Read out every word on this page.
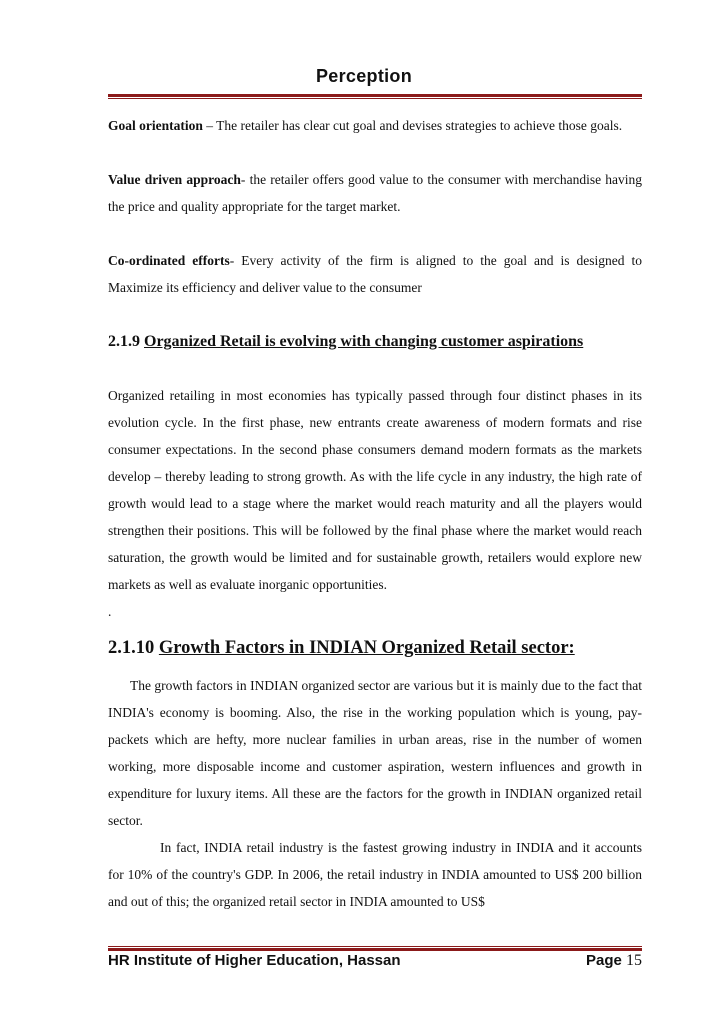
Perception

Goal orientation – The retailer has clear cut goal and devises strategies to achieve those goals.

Value driven approach- the retailer offers good value to the consumer with merchandise having the price and quality appropriate for the target market.

Co-ordinated efforts- Every activity of the firm is aligned to the goal and is designed to Maximize its efficiency and deliver value to the consumer

2.1.9 Organized Retail is evolving with changing customer aspirations

Organized retailing in most economies has typically passed through four distinct phases in its evolution cycle. In the first phase, new entrants create awareness of modern formats and rise consumer expectations. In the second phase consumers demand modern formats as the markets develop – thereby leading to strong growth. As with the life cycle in any industry, the high rate of growth would lead to a stage where the market would reach maturity and all the players would strengthen their positions. This will be followed by the final phase where the market would reach saturation, the growth would be limited and for sustainable growth, retailers would explore new markets as well as evaluate inorganic opportunities.

.

2.1.10 Growth Factors in INDIAN Organized Retail sector:

The growth factors in INDIAN organized sector are various but it is mainly due to the fact that INDIA's economy is booming. Also, the rise in the working population which is young, pay- packets which are hefty, more nuclear families in urban areas, rise in the number of women working, more disposable income and customer aspiration, western influences and growth in expenditure for luxury items. All these are the factors for the growth in INDIAN organized retail sector.

In fact, INDIA retail industry is the fastest growing industry in INDIA and it accounts for 10% of the country's GDP. In 2006, the retail industry in INDIA amounted to US$ 200 billion and out of this; the organized retail sector in INDIA amounted to US$

HR Institute of Higher Education, Hassan	Page 15
